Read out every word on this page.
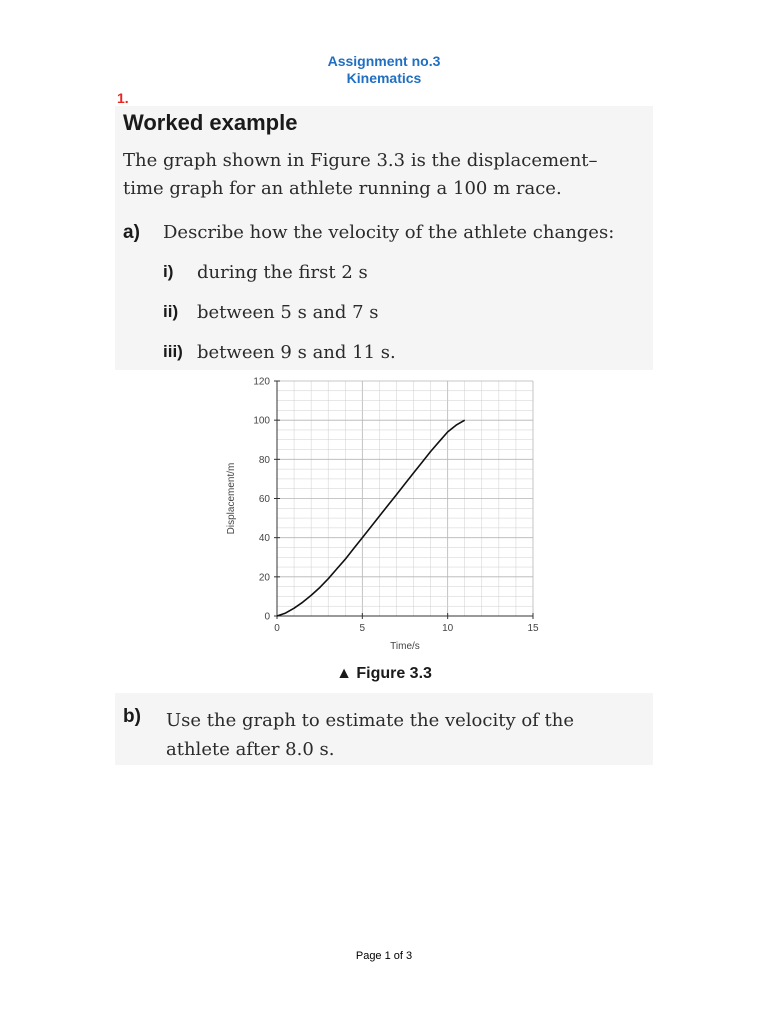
Assignment no.3
Kinematics
1.
Worked example
The graph shown in Figure 3.3 is the displacement–
time graph for an athlete running a 100 m race.
a) Describe how the velocity of the athlete changes:
i) during the first 2 s
ii) between 5 s and 7 s
iii) between 9 s and 11 s.
0	5	10	15
0
20
40
60
80
100
120
Time/s
Displacement/m
▲ Figure 3.3
b) Use the graph to estimate the velocity of the
athlete after 8.0 s.
Page 1 of 3
